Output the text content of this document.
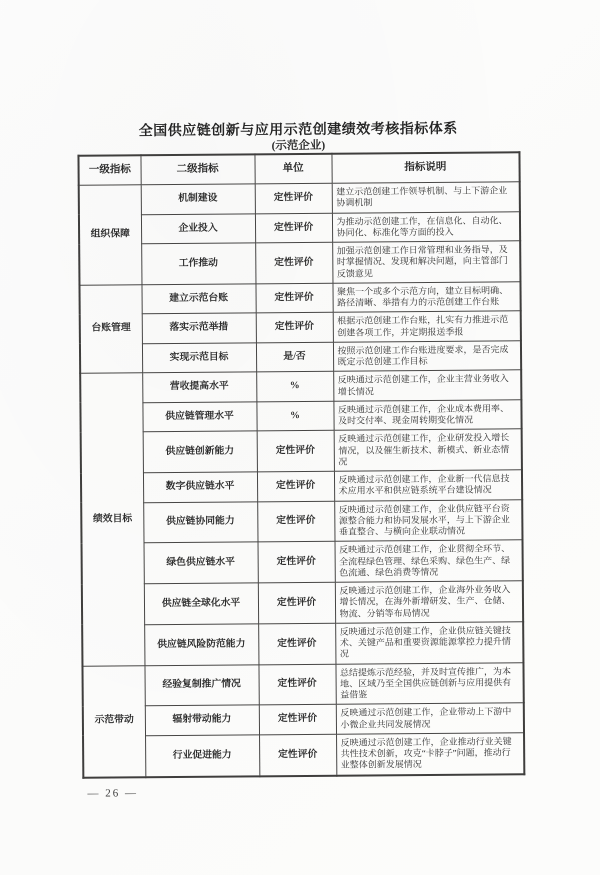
全国供应链创新与应用示范创建绩效考核指标体系
(示范企业)
一级指标	二级指标	单位	指标说明
组织保障	机制建设	定性评价	建立示范创建工作领导机制、与上下游企业协调机制
	企业投入	定性评价	为推动示范创建工作，在信息化、自动化、协同化、标准化等方面的投入
	工作推动	定性评价	加强示范创建工作日常管理和业务指导，及时掌握情况、发现和解决问题，向主管部门反馈意见
台账管理	建立示范台账	定性评价	聚焦一个或多个示范方向，建立目标明确、路径清晰、举措有力的示范创建工作台账
	落实示范举措	定性评价	根据示范创建工作台账，扎实有力推进示范创建各项工作，并定期报送季报
	实现示范目标	是/否	按照示范创建工作台账进度要求，是否完成既定示范创建工作目标
绩效目标	营收提高水平	%	反映通过示范创建工作，企业主营业务收入增长情况
	供应链管理水平	%	反映通过示范创建工作，企业成本费用率、及时交付率、现金周转期变化情况
	供应链创新能力	定性评价	反映通过示范创建工作，企业研发投入增长情况，以及催生新技术、新模式、新业态情况
	数字供应链水平	定性评价	反映通过示范创建工作，企业新一代信息技术应用水平和供应链系统平台建设情况
	供应链协同能力	定性评价	反映通过示范创建工作，企业供应链平台资源整合能力和协同发展水平，与上下游企业垂直整合、与横向企业联动情况
	绿色供应链水平	定性评价	反映通过示范创建工作，企业贯彻全环节、全流程绿色管理、绿色采购、绿色生产、绿色流通、绿色消费等情况
	供应链全球化水平	定性评价	反映通过示范创建工作，企业海外业务收入增长情况，在海外新增研发、生产、仓储、物流、分销等布局情况
	供应链风险防范能力	定性评价	反映通过示范创建工作，企业供应链关键技术、关键产品和重要资源能源掌控力提升情况
示范带动	经验复制推广情况	定性评价	总结提炼示范经验，并及时宣传推广，为本地、区域乃至全国供应链创新与应用提供有益借鉴
	辐射带动能力	定性评价	反映通过示范创建工作，企业带动上下游中小微企业共同发展情况
	行业促进能力	定性评价	反映通过示范创建工作，企业推动行业关键共性技术创新，攻克“卡脖子”问题，推动行业整体创新发展情况
— 26 —
